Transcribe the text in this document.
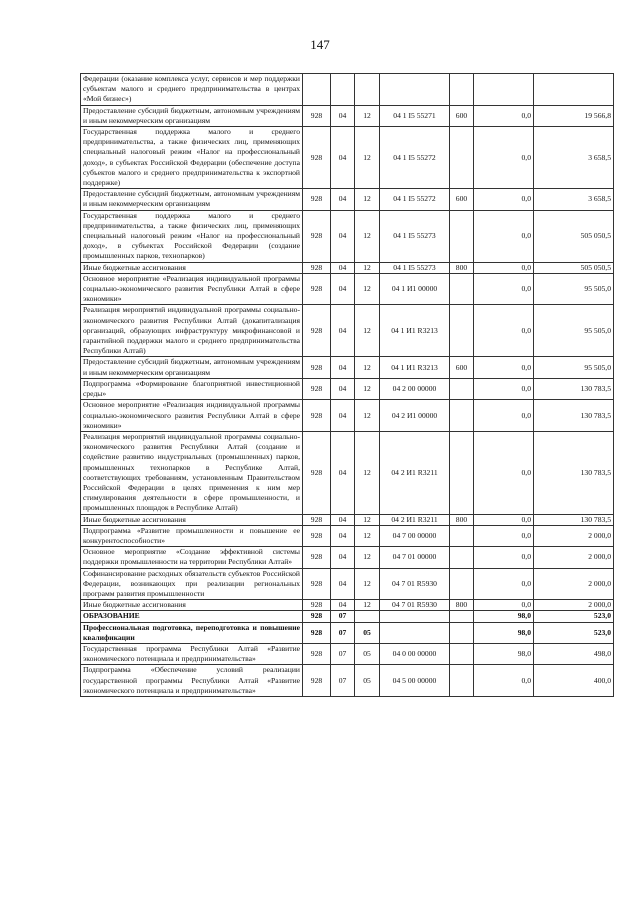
147
Федерации (оказание комплекса услуг, сервисов и мер поддержки субъектам малого и среднего предпринимательства в центрах «Мой бизнес»)							
Предоставление субсидий бюджетным, автономным учреждениям и иным некоммерческим организациям	928	04	12	04 1 I5 55271	600	0,0	19 566,8
Государственная поддержка малого и среднего предпринимательства, а также физических лиц, применяющих специальный налоговый режим «Налог на профессиональный доход», в субъектах Российской Федерации (обеспечение доступа субъектов малого и среднего предпринимательства к экспортной поддержке)	928	04	12	04 1 I5 55272		0,0	3 658,5
Предоставление субсидий бюджетным, автономным учреждениям и иным некоммерческим организациям	928	04	12	04 1 I5 55272	600	0,0	3 658,5
Государственная поддержка малого и среднего предпринимательства, а также физических лиц, применяющих специальный налоговый режим «Налог на профессиональный доход», в субъектах Российской Федерации (создание промышленных парков, технопарков)	928	04	12	04 1 I5 55273		0,0	505 050,5
Иные бюджетные ассигнования	928	04	12	04 1 I5 55273	800	0,0	505 050,5
Основное мероприятие «Реализация индивидуальной программы социально-экономического развития Республики Алтай в сфере экономики»	928	04	12	04 1 И1 00000		0,0	95 505,0
Реализация мероприятий индивидуальной программы социально-экономического развития Республики Алтай (докапитализация организаций, образующих инфраструктуру микрофинансовой и гарантийной поддержки малого и среднего предпринимательства Республики Алтай)	928	04	12	04 1 И1 R3213		0,0	95 505,0
Предоставление субсидий бюджетным, автономным учреждениям и иным некоммерческим организациям	928	04	12	04 1 И1 R3213	600	0,0	95 505,0
Подпрограмма «Формирование благоприятной инвестиционной среды»	928	04	12	04 2 00 00000		0,0	130 783,5
Основное мероприятие «Реализация индивидуальной программы социально-экономического развития Республики Алтай в сфере экономики»	928	04	12	04 2 И1 00000		0,0	130 783,5
Реализация мероприятий индивидуальной программы социально-экономического развития Республики Алтай (создание и содействие развитию индустриальных (промышленных) парков, промышленных технопарков в Республике Алтай, соответствующих требованиям, установленным Правительством Российской Федерации в целях применения к ним мер стимулирования деятельности в сфере промышленности, и промышленных площадок в Республике Алтай)	928	04	12	04 2 И1 R3211		0,0	130 783,5
Иные бюджетные ассигнования	928	04	12	04 2 И1 R3211	800	0,0	130 783,5
Подпрограмма «Развитие промышленности и повышение ее конкурентоспособности»	928	04	12	04 7 00 00000		0,0	2 000,0
Основное мероприятие «Создание эффективной системы поддержки промышленности на территории Республики Алтай»	928	04	12	04 7 01 00000		0,0	2 000,0
Софинансирование расходных обязательств субъектов Российской Федерации, возникающих при реализации региональных программ развития промышленности	928	04	12	04 7 01 R5930		0,0	2 000,0
Иные бюджетные ассигнования	928	04	12	04 7 01 R5930	800	0,0	2 000,0
ОБРАЗОВАНИЕ	928	07				98,0	523,0
Профессиональная подготовка, переподготовка и повышение квалификации	928	07	05			98,0	523,0
Государственная программа Республики Алтай «Развитие экономического потенциала и предпринимательства»	928	07	05	04 0 00 00000		98,0	498,0
Подпрограмма «Обеспечение условий реализации государственной программы Республики Алтай «Развитие экономического потенциала и предпринимательства»	928	07	05	04 5 00 00000		0,0	400,0
